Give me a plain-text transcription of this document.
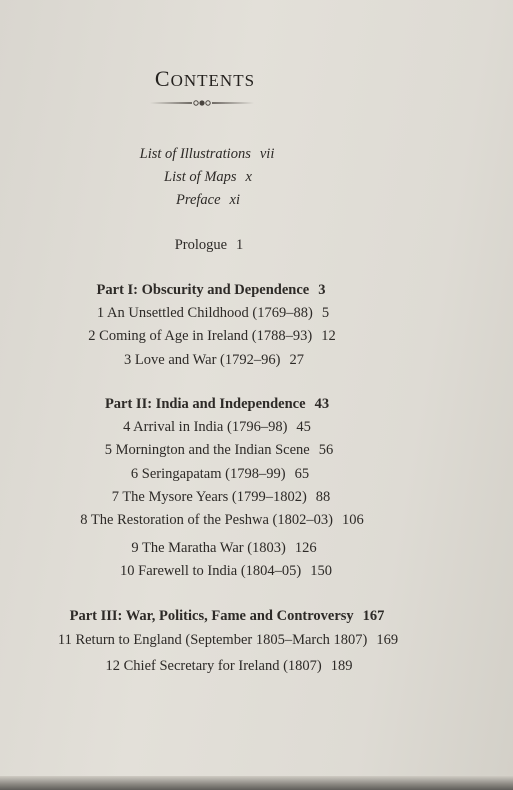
CONTENTS
List of Illustrations vii
List of Maps x
Preface xi
Prologue 1
Part I: Obscurity and Dependence 3
1 An Unsettled Childhood (1769–88) 5
2 Coming of Age in Ireland (1788–93) 12
3 Love and War (1792–96) 27
Part II: India and Independence 43
4 Arrival in India (1796–98) 45
5 Mornington and the Indian Scene 56
6 Seringapatam (1798–99) 65
7 The Mysore Years (1799–1802) 88
8 The Restoration of the Peshwa (1802–03) 106
9 The Maratha War (1803) 126
10 Farewell to India (1804–05) 150
Part III: War, Politics, Fame and Controversy 167
11 Return to England (September 1805–March 1807) 169
12 Chief Secretary for Ireland (1807) 189
